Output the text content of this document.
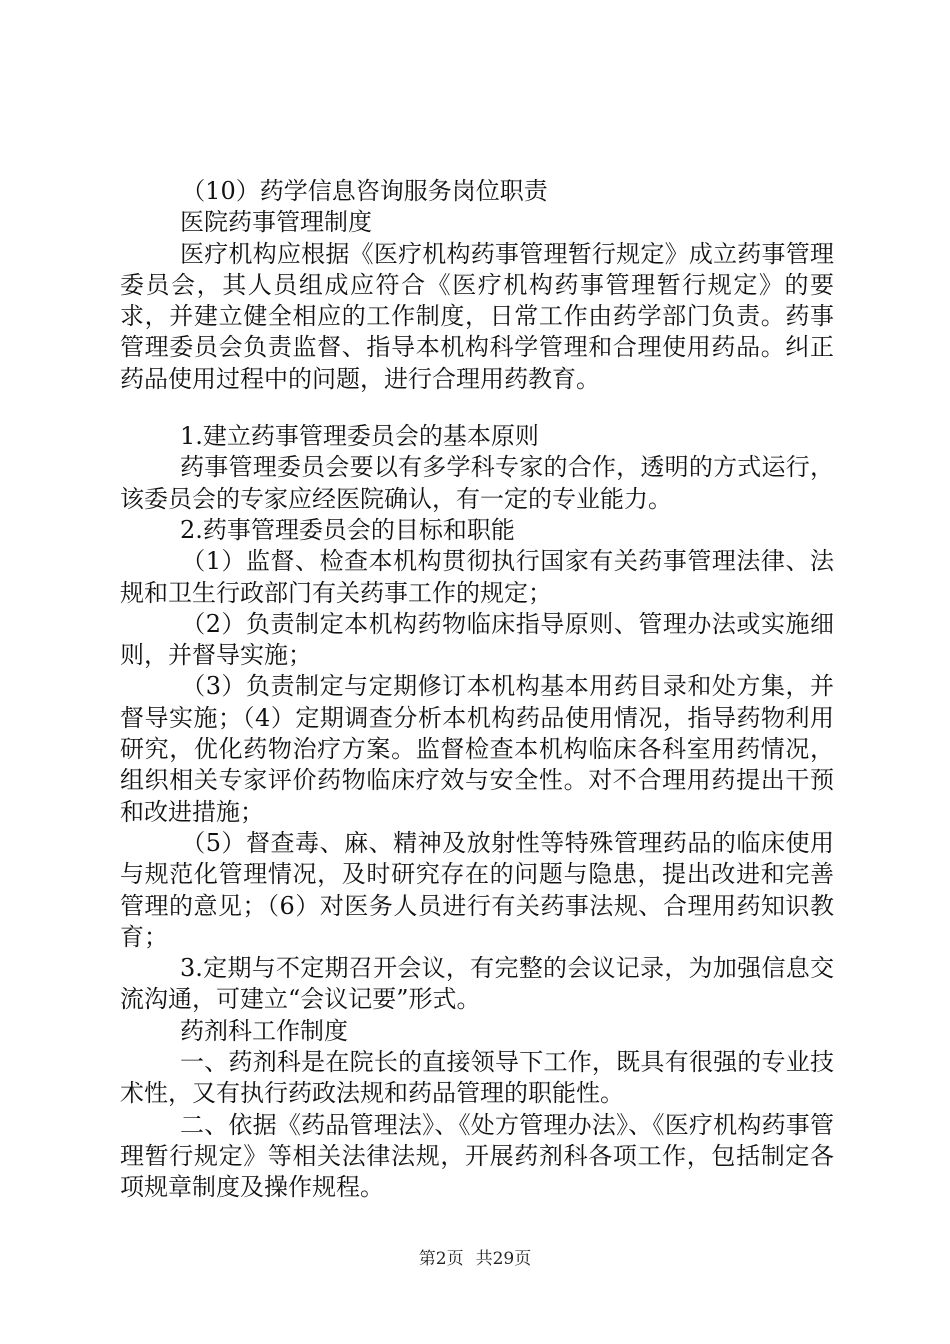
（10）药学信息咨询服务岗位职责

医院药事管理制度

医疗机构应根据《医疗机构药事管理暂行规定》成立药事管理委员会，其人员组成应符合《医疗机构药事管理暂行规定》的要求，并建立健全相应的工作制度，日常工作由药学部门负责。药事管理委员会负责监督、指导本机构科学管理和合理使用药品。纠正药品使用过程中的问题，进行合理用药教育。

1.建立药事管理委员会的基本原则

药事管理委员会要以有多学科专家的合作，透明的方式运行，该委员会的专家应经医院确认，有一定的专业能力。

2.药事管理委员会的目标和职能

（1）监督、检查本机构贯彻执行国家有关药事管理法律、法规和卫生行政部门有关药事工作的规定；

（2）负责制定本机构药物临床指导原则、管理办法或实施细则，并督导实施；

（3）负责制定与定期修订本机构基本用药目录和处方集，并督导实施；（4）定期调查分析本机构药品使用情况，指导药物利用研究，优化药物治疗方案。监督检查本机构临床各科室用药情况，组织相关专家评价药物临床疗效与安全性。对不合理用药提出干预和改进措施；

（5）督查毒、麻、精神及放射性等特殊管理药品的临床使用与规范化管理情况，及时研究存在的问题与隐患，提出改进和完善管理的意见；（6）对医务人员进行有关药事法规、合理用药知识教育；

3.定期与不定期召开会议，有完整的会议记录，为加强信息交流沟通，可建立“会议记要”形式。

药剂科工作制度

一、药剂科是在院长的直接领导下工作，既具有很强的专业技术性，又有执行药政法规和药品管理的职能性。

二、依据《药品管理法》、《处方管理办法》、《医疗机构药事管理暂行规定》等相关法律法规，开展药剂科各项工作，包括制定各项规章制度及操作规程。

第2页 共29页
